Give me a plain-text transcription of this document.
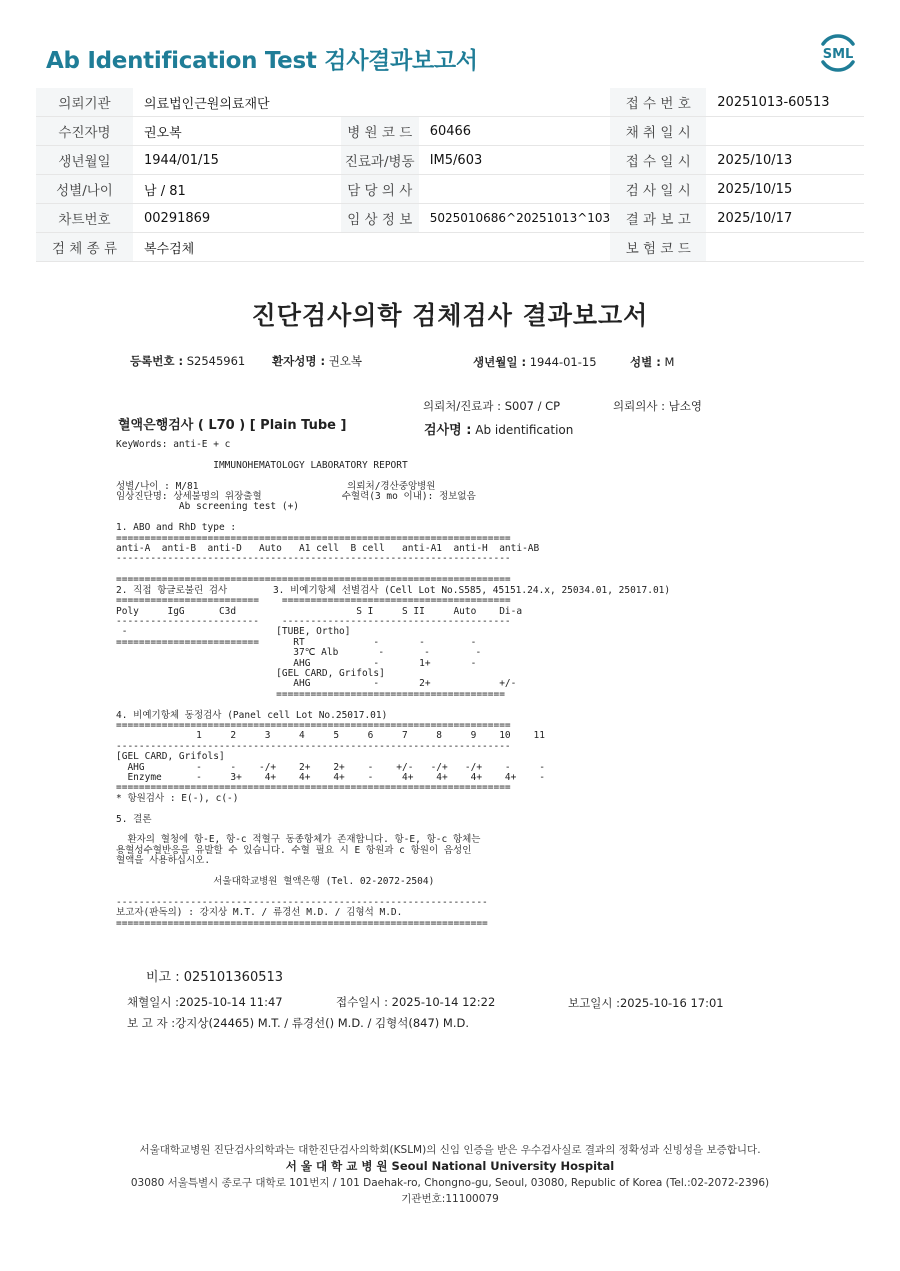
Ab Identification Test 검사결과보고서	SML
의뢰기관	의료법인근원의료재단			접 수 번 호	20251013-60513
수진자명	권오복	병 원 코 드	60466	채 취 일 시	
생년월일	1944/01/15	진료과/병동	IM5/603	접 수 일 시	2025/10/13
성별/나이	남 / 81	담 당 의 사		검 사 일 시	2025/10/15
차트번호	00291869	임 상 정 보	5025010686^20251013^103	결 과 보 고	2025/10/17
검 체 종 류	복수검체			보 험 코 드	
진단검사의학 검체검사 결과보고서
등록번호 : S2545961 환자성명 : 권오복	생년월일 : 1944-01-15	성별 : M
의뢰처/진료과 : S007 / CP	의뢰의사 : 남소영
혈액은행검사 ( L70 ) [ Plain Tube ]	검사명 : Ab identification
KeyWords: anti-E + c

IMMUNOHEMATOLOGY LABORATORY REPORT

성별/나이 : M/81                          의뢰처/경산중앙병원
임상진단명: 상세불명의 위장출혈              수혈력(3 mo 이내): 정보없음
Ab screening test (+)

1. ABO and RhD type :
=====================================================================
anti-A  anti-B  anti-D   Auto   A1 cell  B cell   anti-A1  anti-H  anti-AB
---------------------------------------------------------------------

=====================================================================
2. 직접 항글로불린 검사        3. 비예기항체 선별검사 (Cell Lot No.S585, 45151.24.x, 25034.01, 25017.01)
=========================    ========================================
Poly     IgG      C3d                     S I     S II     Auto    Di-a
-------------------------    ----------------------------------------
-                          [TUBE, Ortho]
=========================      RT            -       -        -
37℃ Alb       -       -        -
AHG           -       1+       -
[GEL CARD, Grifols]
AHG           -       2+            +/-
========================================

4. 비예기항체 동정검사 (Panel cell Lot No.25017.01)
=====================================================================
1     2     3     4     5     6     7     8     9    10    11
---------------------------------------------------------------------
[GEL CARD, Grifols]
AHG         -     -    -/+    2+    2+    -    +/-   -/+   -/+    -     -
Enzyme      -     3+    4+    4+    4+    -     4+    4+    4+    4+    -
=====================================================================
* 항원검사 : E(-), c(-)

5. 결론

환자의 혈청에 항-E, 항-c 적혈구 동종항체가 존재합니다. 항-E, 항-c 항체는
용혈성수혈반응을 유발할 수 있습니다. 수혈 필요 시 E 항원과 c 항원이 음성인
혈액을 사용하십시오.

서울대학교병원 혈액은행 (Tel. 02-2072-2504)

-----------------------------------------------------------------
보고자(판독의) : 강지상 M.T. / 류경선 M.D. / 김형석 M.D.
=================================================================
비고 : 025101360513
채혈일시 :2025-10-14 11:47	접수일시 : 2025-10-14 12:22	보고일시 :2025-10-16 17:01
보 고 자 :강지상(24465) M.T. / 류경선() M.D. / 김형석(847) M.D.
서울대학교병원 진단검사의학과는 대한진단검사의학회(KSLM)의 신임 인증을 받은 우수검사실로 결과의 정확성과 신빙성을 보증합니다.
서 울 대 학 교 병 원 Seoul National University Hospital
03080 서울특별시 종로구 대학로 101번지 / 101 Daehak-ro, Chongno-gu, Seoul, 03080, Republic of Korea (Tel.:02-2072-2396)
기관번호:11100079
